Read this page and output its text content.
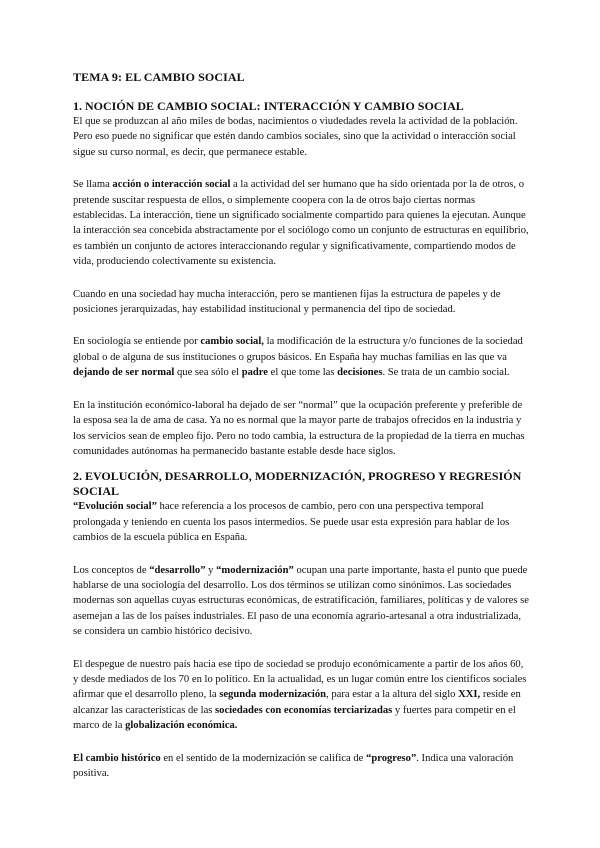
TEMA 9: EL CAMBIO SOCIAL
1. NOCIÓN DE CAMBIO SOCIAL: INTERACCIÓN Y CAMBIO SOCIAL

El que se produzcan al año miles de bodas, nacimientos o viudedades revela la actividad de la población. Pero eso puede no significar que estén dando cambios sociales, sino que la actividad o interacción social sigue su curso normal, es decir, que permanece estable.

Se llama acción o interacción social a la actividad del ser humano que ha sido orientada por la de otros, o pretende suscitar respuesta de ellos, o simplemente coopera con la de otros bajo ciertas normas establecidas. La interacción, tiene un significado socialmente compartido para quienes la ejecutan. Aunque la interacción sea concebida abstractamente por el sociólogo como un conjunto de estructuras en equilibrio, es también un conjunto de actores interaccionando regular y significativamente, compartiendo modos de vida, produciendo colectivamente su existencia.

Cuando en una sociedad hay mucha interacción, pero se mantienen fijas la estructura de papeles y de posiciones jerarquizadas, hay estabilidad institucional y permanencia del tipo de sociedad.

En sociología se entiende por cambio social, la modificación de la estructura y/o funciones de la sociedad global o de alguna de sus instituciones o grupos básicos. En España hay muchas familias en las que va dejando de ser normal que sea sólo el padre el que tome las decisiones. Se trata de un cambio social.

En la institución económico-laboral ha dejado de ser “normal” que la ocupación preferente y preferible de la esposa sea la de ama de casa. Ya no es normal que la mayor parte de trabajos ofrecidos en la industria y los servicios sean de empleo fijo. Pero no todo cambia, la estructura de la propiedad de la tierra en muchas comunidades autónomas ha permanecido bastante estable desde hace siglos.

2. EVOLUCIÓN, DESARROLLO, MODERNIZACIÓN, PROGRESO Y REGRESIÓN SOCIAL

“Evolución social” hace referencia a los procesos de cambio, pero con una perspectiva temporal prolongada y teniendo en cuenta los pasos intermedios. Se puede usar esta expresión para hablar de los cambios de la escuela pública en España.

Los conceptos de “desarrollo” y “modernización” ocupan una parte importante, hasta el punto que puede hablarse de una sociología del desarrollo. Los dos términos se utilizan como sinónimos. Las sociedades modernas son aquellas cuyas estructuras económicas, de estratificación, familiares, políticas y de valores se asemejan a las de los países industriales. El paso de una economía agrario-artesanal a otra industrializada, se considera un cambio histórico decisivo.

El despegue de nuestro país hacia ese tipo de sociedad se produjo económicamente a partir de los años 60, y desde mediados de los 70 en lo político. En la actualidad, es un lugar común entre los científicos sociales afirmar que el desarrollo pleno, la segunda modernización, para estar a la altura del siglo XXI, reside en alcanzar las características de las sociedades con economías terciarizadas y fuertes para competir en el marco de la globalización económica.

El cambio histórico en el sentido de la modernización se califica de “progreso”. Indica una valoración positiva.
